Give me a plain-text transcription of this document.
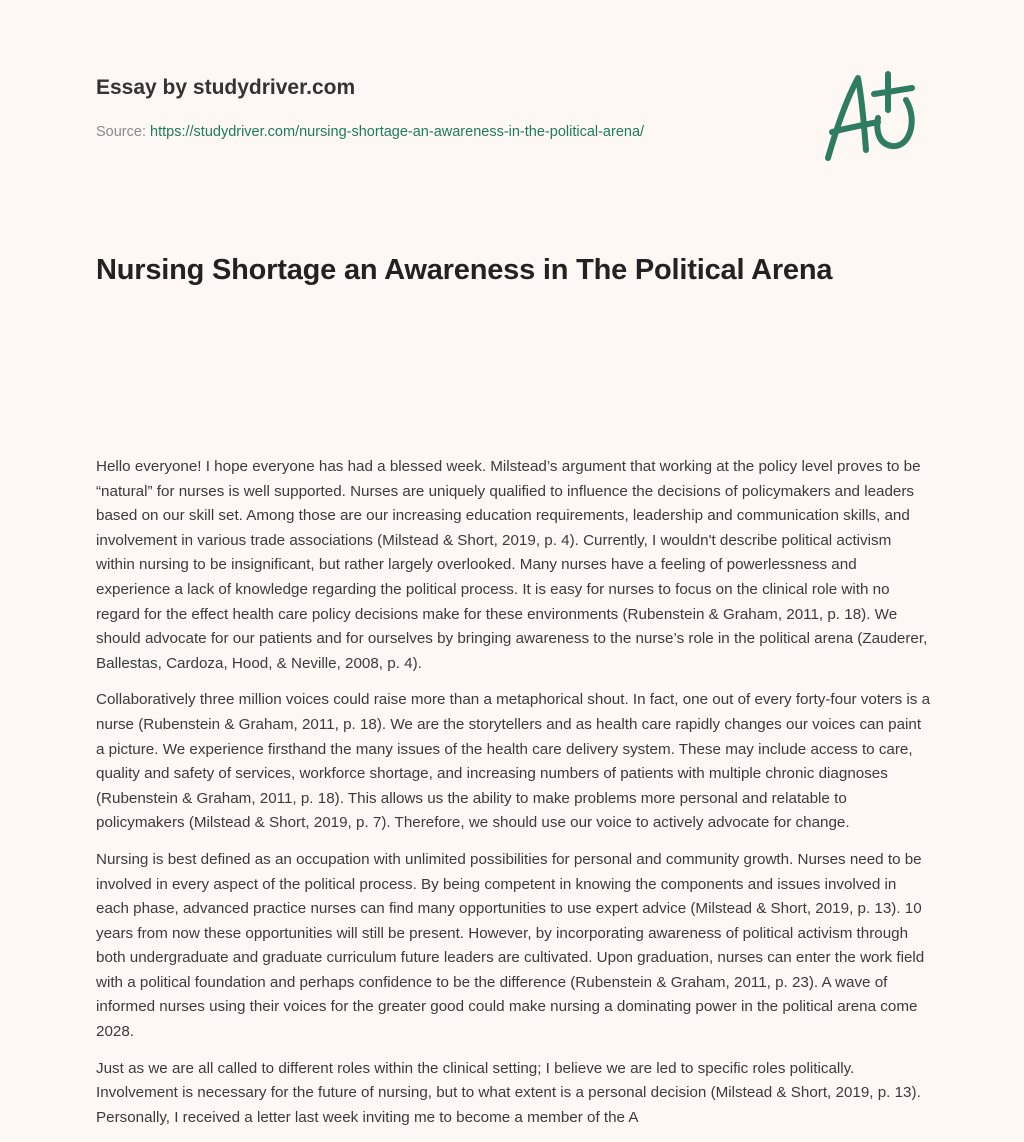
Essay by studydriver.com
Source: https://studydriver.com/nursing-shortage-an-awareness-in-the-political-arena/
Nursing Shortage an Awareness in The Political Arena

Hello everyone! I hope everyone has had a blessed week. Milstead’s argument that working at the policy level proves to be “natural” for nurses is well supported. Nurses are uniquely qualified to influence the decisions of policymakers and leaders based on our skill set. Among those are our increasing education requirements, leadership and communication skills, and involvement in various trade associations (Milstead & Short, 2019, p. 4). Currently, I wouldn't describe political activism within nursing to be insignificant, but rather largely overlooked. Many nurses have a feeling of powerlessness and experience a lack of knowledge regarding the political process. It is easy for nurses to focus on the clinical role with no regard for the effect health care policy decisions make for these environments (Rubenstein & Graham, 2011, p. 18). We should advocate for our patients and for ourselves by bringing awareness to the nurse’s role in the political arena (Zauderer, Ballestas, Cardoza, Hood, & Neville, 2008, p. 4).

Collaboratively three million voices could raise more than a metaphorical shout. In fact, one out of every forty-four voters is a nurse (Rubenstein & Graham, 2011, p. 18). We are the storytellers and as health care rapidly changes our voices can paint a picture. We experience firsthand the many issues of the health care delivery system. These may include access to care, quality and safety of services, workforce shortage, and increasing numbers of patients with multiple chronic diagnoses (Rubenstein & Graham, 2011, p. 18). This allows us the ability to make problems more personal and relatable to policymakers (Milstead & Short, 2019, p. 7). Therefore, we should use our voice to actively advocate for change.

Nursing is best defined as an occupation with unlimited possibilities for personal and community growth. Nurses need to be involved in every aspect of the political process. By being competent in knowing the components and issues involved in each phase, advanced practice nurses can find many opportunities to use expert advice (Milstead & Short, 2019, p. 13). 10 years from now these opportunities will still be present. However, by incorporating awareness of political activism through both undergraduate and graduate curriculum future leaders are cultivated. Upon graduation, nurses can enter the work field with a political foundation and perhaps confidence to be the difference (Rubenstein & Graham, 2011, p. 23). A wave of informed nurses using their voices for the greater good could make nursing a dominating power in the political arena come 2028.

Just as we are all called to different roles within the clinical setting; I believe we are led to specific roles politically. Involvement is necessary for the future of nursing, but to what extent is a personal decision (Milstead & Short, 2019, p. 13). Personally, I received a letter last week inviting me to become a member of the A
